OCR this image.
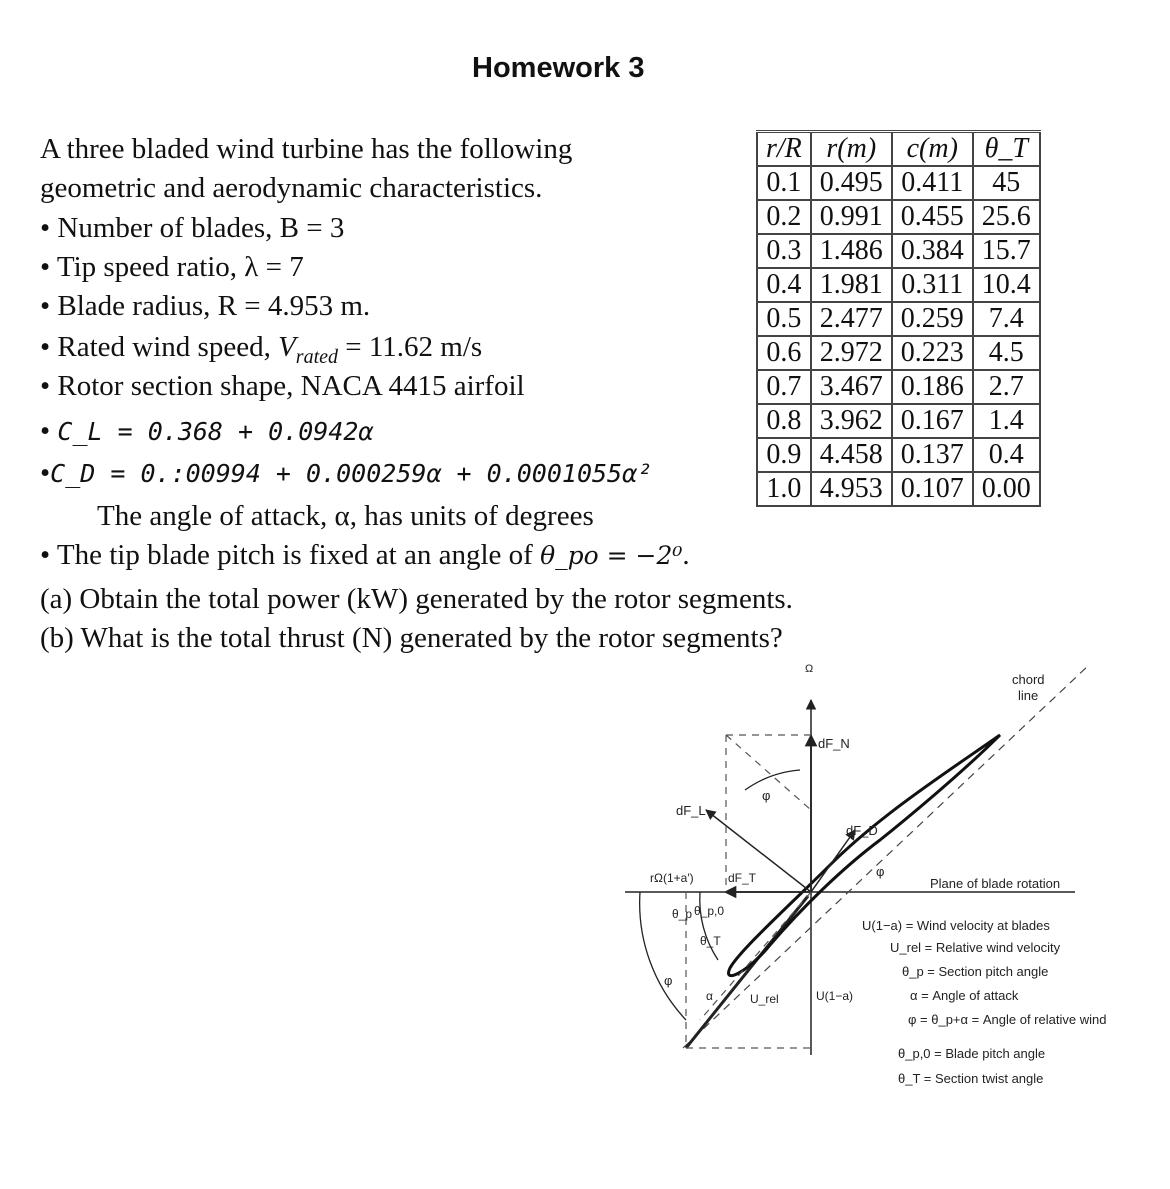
Homework 3
A three bladed wind turbine has the following
geometric and aerodynamic characteristics.
• Number of blades, B = 3
• Tip speed ratio, λ = 7
• Blade radius, R = 4.953 m.
• Rated wind speed, $V_{rated} = 11.62$ m/s
• Rotor section shape, NACA 4415 airfoil
• C_L = 0.368 + 0.0942α
•C_D = 0.:00994 + 0.000259α + 0.0001055α²
The angle of attack, α, has units of degrees
• The tip blade pitch is fixed at an angle of θ_po = −2⁰.
(a) Obtain the total power (kW) generated by the rotor segments.
(b) What is the total thrust (N) generated by the rotor segments?
r/R	r(m)	c(m)	θ_T
0.1	0.495	0.411	45
0.2	0.991	0.455	25.6
0.3	1.486	0.384	15.7
0.4	1.981	0.311	10.4
0.5	2.477	0.259	7.4
0.6	2.972	0.223	4.5
0.7	3.467	0.186	2.7
0.8	3.962	0.167	1.4
0.9	4.458	0.137	0.4
1.0	4.953	0.107	0.00
Ω
Plane of blade rotation
chord
line
dF_N
dF_L
dF_D
rΩ(1+a′)	dF_T
φ
φ
φ
θ_p,0
θ_p
θ_T
α	U_rel	U(1−a)
U(1−a) = Wind velocity at blades
U_rel = Relative wind velocity
θ_p = Section pitch angle
α = Angle of attack
φ = θ_p+α = Angle of relative wind
θ_p,0 = Blade pitch angle
θ_T = Section twist angle
